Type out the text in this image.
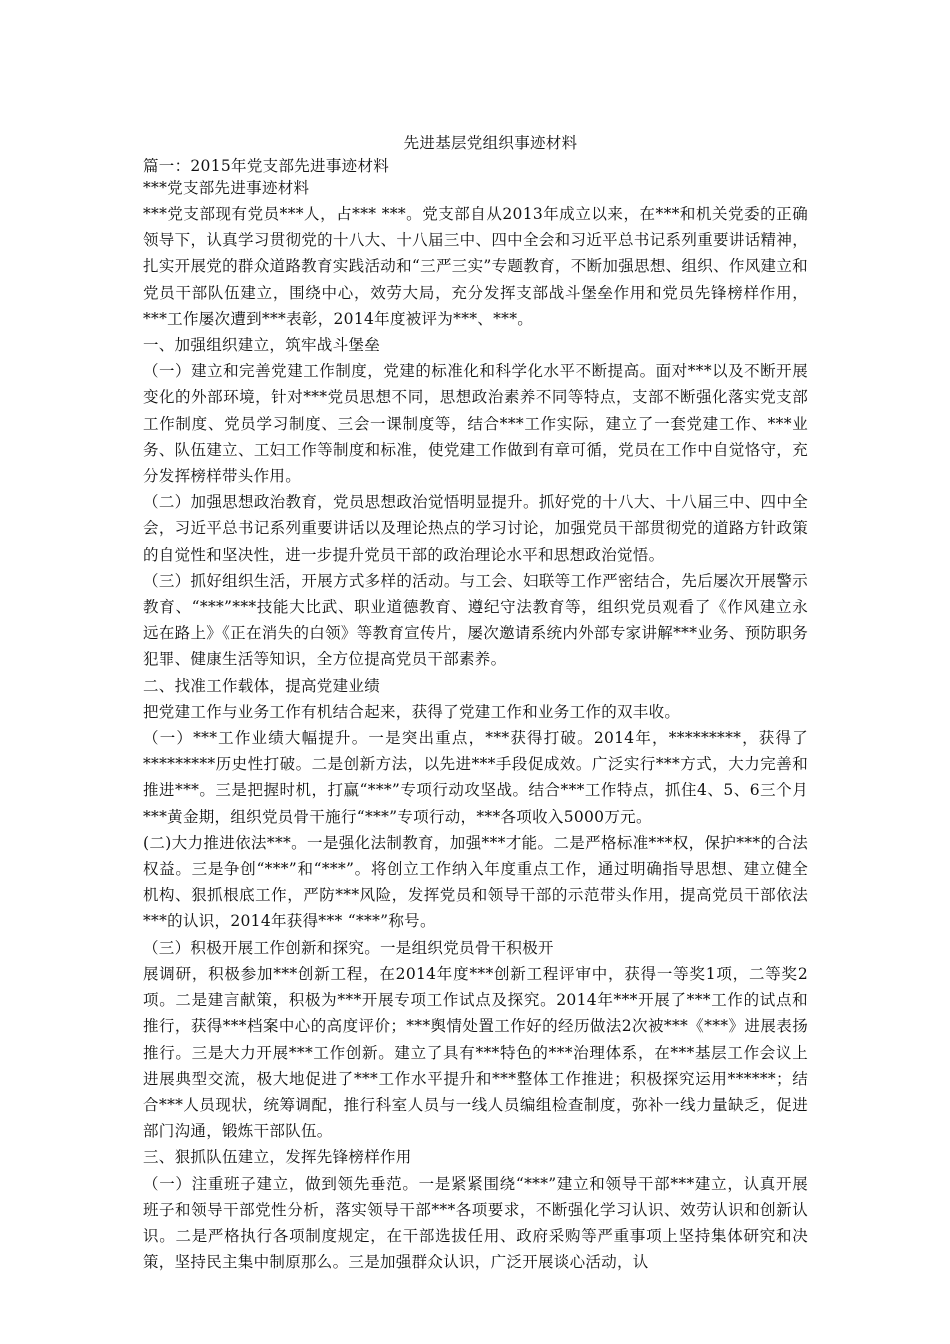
先进基层党组织事迹材料

篇一：2015年党支部先进事迹材料

***党支部先进事迹材料

***党支部现有党员***人，占*** ***。党支部自从2013年成立以来，在***和机关党委的正确领导下，认真学习贯彻党的十八大、十八届三中、四中全会和习近平总书记系列重要讲话精神，扎实开展党的群众道路教育实践活动和“三严三实”专题教育，不断加强思想、组织、作风建立和党员干部队伍建立，围绕中心，效劳大局，充分发挥支部战斗堡垒作用和党员先锋榜样作用，***工作屡次遭到***表彰，2014年度被评为***、***。

一、加强组织建立，筑牢战斗堡垒

（一）建立和完善党建工作制度，党建的标准化和科学化水平不断提高。面对***以及不断开展变化的外部环境，针对***党员思想不同，思想政治素养不同等特点，支部不断强化落实党支部工作制度、党员学习制度、三会一课制度等，结合***工作实际，建立了一套党建工作、***业务、队伍建立、工妇工作等制度和标准，使党建工作做到有章可循，党员在工作中自觉恪守，充分发挥榜样带头作用。

（二）加强思想政治教育，党员思想政治觉悟明显提升。抓好党的十八大、十八届三中、四中全会，习近平总书记系列重要讲话以及理论热点的学习讨论，加强党员干部贯彻党的道路方针政策的自觉性和坚决性，进一步提升党员干部的政治理论水平和思想政治觉悟。

（三）抓好组织生活，开展方式多样的活动。与工会、妇联等工作严密结合，先后屡次开展警示教育、“***”***技能大比武、职业道德教育、遵纪守法教育等，组织党员观看了《作风建立永远在路上》《正在消失的白领》等教育宣传片，屡次邀请系统内外部专家讲解***业务、预防职务犯罪、健康生活等知识，全方位提高党员干部素养。

二、找准工作载体，提高党建业绩

把党建工作与业务工作有机结合起来，获得了党建工作和业务工作的双丰收。

（一）***工作业绩大幅提升。一是突出重点，***获得打破。2014年，*********，获得了*********历史性打破。二是创新方法，以先进***手段促成效。广泛实行***方式，大力完善和推进***。三是把握时机，打赢“***”专项行动攻坚战。结合***工作特点，抓住4、5、6三个月***黄金期，组织党员骨干施行“***”专项行动，***各项收入5000万元。

(二)大力推进依法***。一是强化法制教育，加强***才能。二是严格标准***权，保护***的合法权益。三是争创“***”和“***”。将创立工作纳入年度重点工作，通过明确指导思想、建立健全机构、狠抓根底工作，严防***风险，发挥党员和领导干部的示范带头作用，提高党员干部依法***的认识，2014年获得*** “***”称号。

（三）积极开展工作创新和探究。一是组织党员骨干积极开

展调研，积极参加***创新工程，在2014年度***创新工程评审中，获得一等奖1项，二等奖2项。二是建言献策，积极为***开展专项工作试点及探究。2014年***开展了***工作的试点和推行，获得***档案中心的高度评价；***舆情处置工作好的经历做法2次被***《***》进展表扬推行。三是大力开展***工作创新。建立了具有***特色的***治理体系，在***基层工作会议上进展典型交流，极大地促进了***工作水平提升和***整体工作推进；积极探究运用******；结合***人员现状，统筹调配，推行科室人员与一线人员编组检查制度，弥补一线力量缺乏，促进部门沟通，锻炼干部队伍。

三、狠抓队伍建立，发挥先锋榜样作用

（一）注重班子建立，做到领先垂范。一是紧紧围绕“***”建立和领导干部***建立，认真开展班子和领导干部党性分析，落实领导干部***各项要求，不断强化学习认识、效劳认识和创新认识。二是严格执行各项制度规定，在干部选拔任用、政府采购等严重事项上坚持集体研究和决策，坚持民主集中制原那么。三是加强群众认识，广泛开展谈心活动，认
